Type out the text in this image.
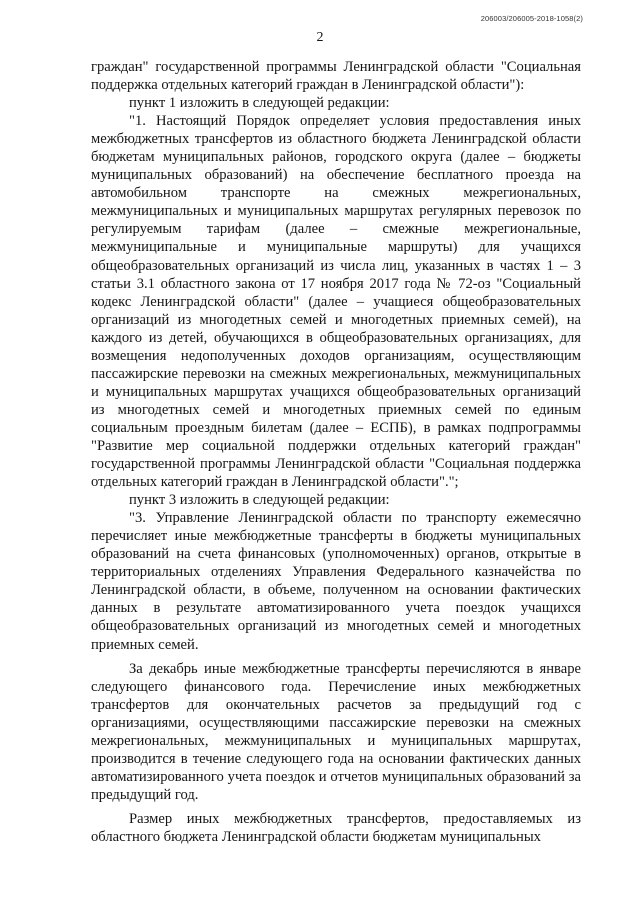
206003/206005-2018-1058(2)
2

граждан" государственной программы Ленинградской области "Социальная поддержка отдельных категорий граждан в Ленинградской области"):

пункт 1 изложить в следующей редакции:

"1. Настоящий Порядок определяет условия предоставления иных межбюджетных трансфертов из областного бюджета Ленинградской области бюджетам муниципальных районов, городского округа (далее – бюджеты муниципальных образований) на обеспечение бесплатного проезда на автомобильном транспорте на смежных межрегиональных, межмуниципальных и муниципальных маршрутах регулярных перевозок по регулируемым тарифам (далее – смежные межрегиональные, межмуниципальные и муниципальные маршруты) для учащихся общеобразовательных организаций из числа лиц, указанных в частях 1 – 3 статьи 3.1 областного закона от 17 ноября 2017 года № 72-оз "Социальный кодекс Ленинградской области" (далее – учащиеся общеобразовательных организаций из многодетных семей и многодетных приемных семей), на каждого из детей, обучающихся в общеобразовательных организациях, для возмещения недополученных доходов организациям, осуществляющим пассажирские перевозки на смежных межрегиональных, межмуниципальных и муниципальных маршрутах учащихся общеобразовательных организаций из многодетных семей и многодетных приемных семей по единым социальным проездным билетам (далее – ЕСПБ), в рамках подпрограммы "Развитие мер социальной поддержки отдельных категорий граждан" государственной программы Ленинградской области "Социальная поддержка отдельных категорий граждан в Ленинградской области".";

пункт 3 изложить в следующей редакции:

"3. Управление Ленинградской области по транспорту ежемесячно перечисляет иные межбюджетные трансферты в бюджеты муниципальных образований на счета финансовых (уполномоченных) органов, открытые в территориальных отделениях Управления Федерального казначейства по Ленинградской области, в объеме, полученном на основании фактических данных в результате автоматизированного учета поездок учащихся общеобразовательных организаций из многодетных семей и многодетных приемных семей.

За декабрь иные межбюджетные трансферты перечисляются в январе следующего финансового года. Перечисление иных межбюджетных трансфертов для окончательных расчетов за предыдущий год с организациями, осуществляющими пассажирские перевозки на смежных межрегиональных, межмуниципальных и муниципальных маршрутах, производится в течение следующего года на основании фактических данных автоматизированного учета поездок и отчетов муниципальных образований за предыдущий год.

Размер иных межбюджетных трансфертов, предоставляемых из областного бюджета Ленинградской области бюджетам муниципальных
